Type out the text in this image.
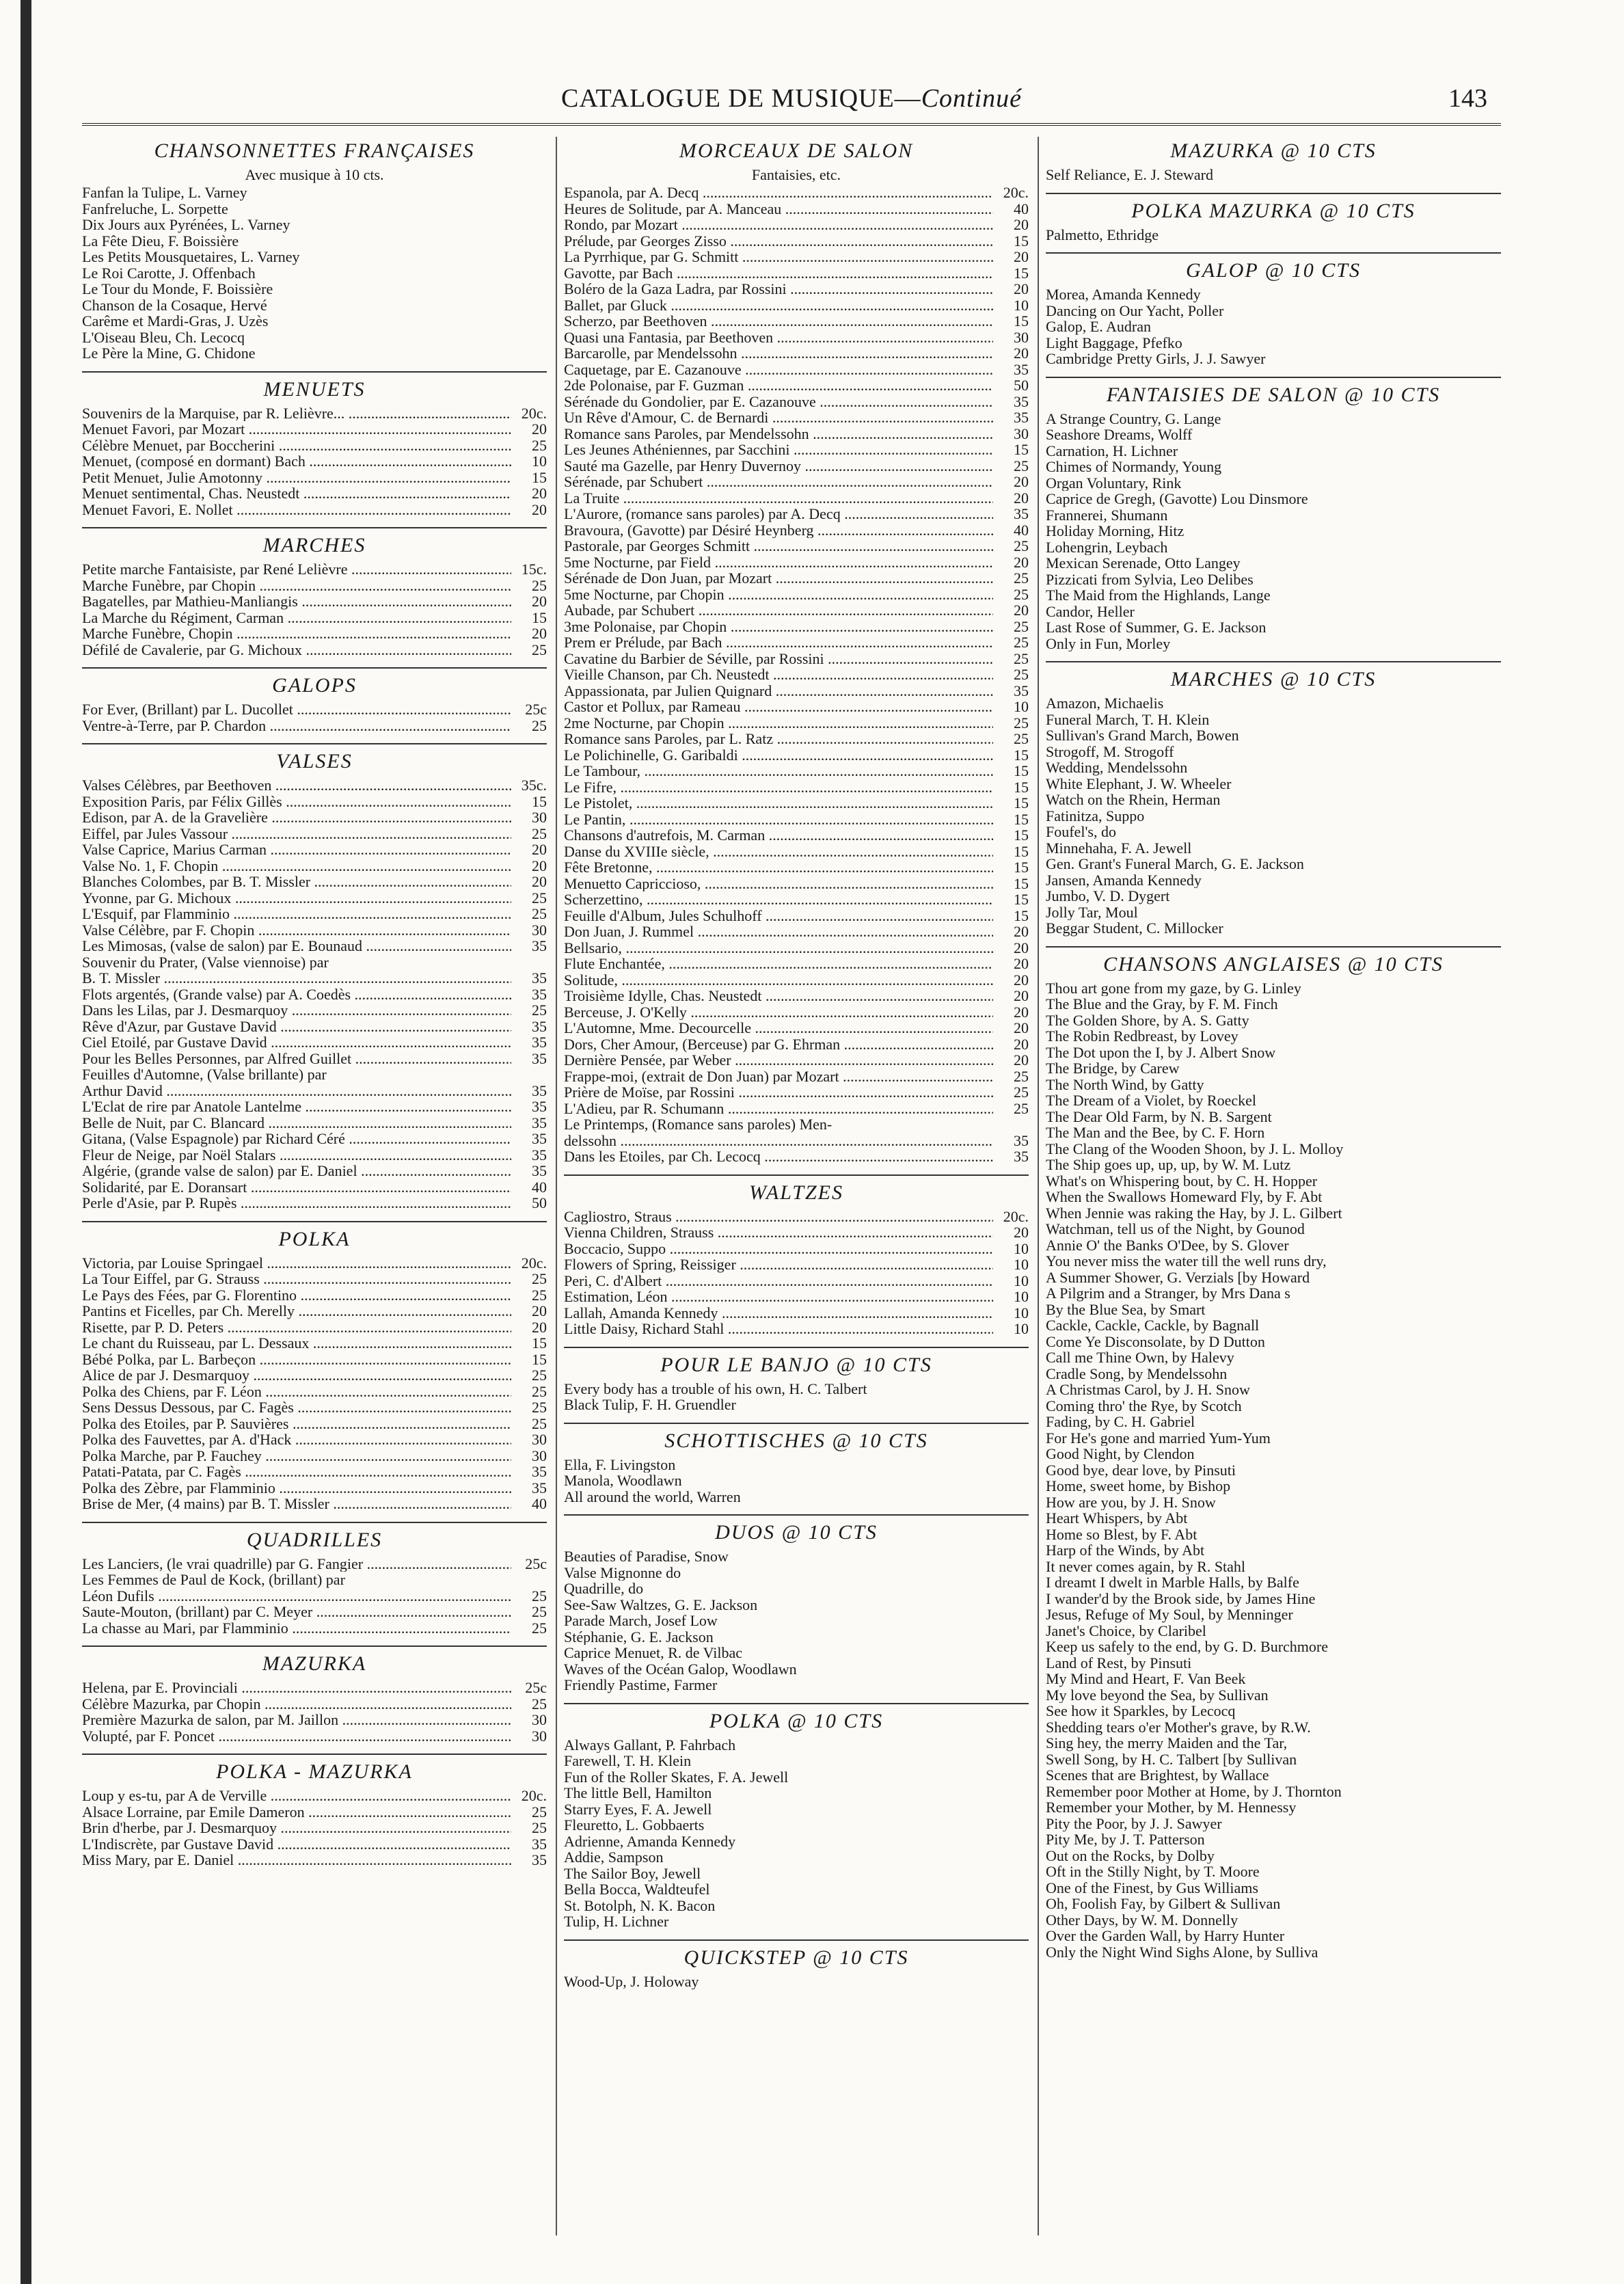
CATALOGUE DE MUSIQUE—Continué	143
CHANSONNETTES FRANÇAISES
Avec musique à 10 cts.
Fanfan la Tulipe, L. Varney
Fanfreluche, L. Sorpette
Dix Jours aux Pyrénées, L. Varney
La Fête Dieu, F. Boissière
Les Petits Mousquetaires, L. Varney
Le Roi Carotte, J. Offenbach
Le Tour du Monde, F. Boissière
Chanson de la Cosaque, Hervé
Carême et Mardi-Gras, J. Uzès
L'Oiseau Bleu, Ch. Lecocq
Le Père la Mine, G. Chidone
MENUETS
Souvenirs de la Marquise, par R. Lelièvre... .....	20c.
Menuet Favori, par Mozart .....	20
Célèbre Menuet, par Boccherini .....	25
Menuet, (composé en dormant) Bach .....	10
Petit Menuet, Julie Amotonny .....	15
Menuet sentimental, Chas. Neustedt .....	20
Menuet Favori, E. Nollet .....	20
MARCHES
Petite marche Fantaisiste, par René Lelièvre .....	15c.
Marche Funèbre, par Chopin .....	25
Bagatelles, par Mathieu-Manliangis .....	20
La Marche du Régiment, Carman .....	15
Marche Funèbre, Chopin .....	20
Défilé de Cavalerie, par G. Michoux .....	25
GALOPS
For Ever, (Brillant) par L. Ducollet .....	25c
Ventre-à-Terre, par P. Chardon .....	25
VALSES
Valses Célèbres, par Beethoven .....	35c.
Exposition Paris, par Félix Gillès .....	15
Edison, par A. de la Gravelière .....	30
Eiffel, par Jules Vassour .....	25
Valse Caprice, Marius Carman .....	20
Valse No. 1, F. Chopin .....	20
Blanches Colombes, par B. T. Missler .....	20
Yvonne, par G. Michoux .....	25
L'Esquif, par Flamminio .....	25
Valse Célèbre, par F. Chopin .....	30
Les Mimosas, (valse de salon) par E. Bounaud .....	35
Souvenir du Prater, (Valse viennoise) par
B. T. Missler .....	35
Flots argentés, (Grande valse) par A. Coedès .....	35
Dans les Lilas, par J. Desmarquoy .....	25
Rêve d'Azur, par Gustave David .....	35
Ciel Etoilé, par Gustave David .....	35
Pour les Belles Personnes, par Alfred Guillet .....	35
Feuilles d'Automne, (Valse brillante) par
Arthur David .....	35
L'Eclat de rire par Anatole Lantelme .....	35
Belle de Nuit, par C. Blancard .....	35
Gitana, (Valse Espagnole) par Richard Céré .....	35
Fleur de Neige, par Noël Stalars .....	35
Algérie, (grande valse de salon) par E. Daniel .....	35
Solidarité, par E. Doransart .....	40
Perle d'Asie, par P. Rupès .....	50
POLKA
Victoria, par Louise Springael .....	20c.
La Tour Eiffel, par G. Strauss .....	25
Le Pays des Fées, par G. Florentino .....	25
Pantins et Ficelles, par Ch. Merelly .....	20
Risette, par P. D. Peters .....	20
Le chant du Ruisseau, par L. Dessaux .....	15
Bébé Polka, par L. Barbeçon .....	15
Alice de par J. Desmarquoy .....	25
Polka des Chiens, par F. Léon .....	25
Sens Dessus Dessous, par C. Fagès .....	25
Polka des Etoiles, par P. Sauvières .....	25
Polka des Fauvettes, par A. d'Hack .....	30
Polka Marche, par P. Fauchey .....	30
Patati-Patata, par C. Fagès .....	35
Polka des Zèbre, par Flamminio .....	35
Brise de Mer, (4 mains) par B. T. Missler .....	40
QUADRILLES
Les Lanciers, (le vrai quadrille) par G. Fangier .....	25c
Les Femmes de Paul de Kock, (brillant) par
Léon Dufils .....	25
Saute-Mouton, (brillant) par C. Meyer .....	25
La chasse au Mari, par Flamminio .....	25
MAZURKA
Helena, par E. Provinciali .....	25c
Célèbre Mazurka, par Chopin .....	25
Première Mazurka de salon, par M. Jaillon .....	30
Volupté, par F. Poncet .....	30
POLKA - MAZURKA
Loup y es-tu, par A de Verville .....	20c.
Alsace Lorraine, par Emile Dameron .....	25
Brin d'herbe, par J. Desmarquoy .....	25
L'Indiscrète, par Gustave David .....	35
Miss Mary, par E. Daniel .....	35
MORCEAUX DE SALON
Fantaisies, etc.
Espanola, par A. Decq .....	20c.
Heures de Solitude, par A. Manceau .....	40
Rondo, par Mozart .....	20
Prélude, par Georges Zisso .....	15
La Pyrrhique, par G. Schmitt .....	20
Gavotte, par Bach .....	15
Boléro de la Gaza Ladra, par Rossini .....	20
Ballet, par Gluck .....	10
Scherzo, par Beethoven .....	15
Quasi una Fantasia, par Beethoven .....	30
Barcarolle, par Mendelssohn .....	20
Caquetage, par E. Cazanouve .....	35
2de Polonaise, par F. Guzman .....	50
Sérénade du Gondolier, par E. Cazanouve .....	35
Un Rêve d'Amour, C. de Bernardi .....	35
Romance sans Paroles, par Mendelssohn .....	30
Les Jeunes Athéniennes, par Sacchini .....	15
Sauté ma Gazelle, par Henry Duvernoy .....	25
Sérénade, par Schubert .....	20
La Truite .....	20
L'Aurore, (romance sans paroles) par A. Decq .....	35
Bravoura, (Gavotte) par Désiré Heynberg .....	40
Pastorale, par Georges Schmitt .....	25
5me Nocturne, par Field .....	20
Sérénade de Don Juan, par Mozart .....	25
5me Nocturne, par Chopin .....	25
Aubade, par Schubert .....	20
3me Polonaise, par Chopin .....	25
Prem er Prélude, par Bach .....	25
Cavatine du Barbier de Séville, par Rossini .....	25
Vieille Chanson, par Ch. Neustedt .....	25
Appassionata, par Julien Quignard .....	35
Castor et Pollux, par Rameau .....	10
2me Nocturne, par Chopin .....	25
Romance sans Paroles, par L. Ratz .....	25
Le Polichinelle, G. Garibaldi .....	15
Le Tambour, .....	15
Le Fifre, .....	15
Le Pistolet, .....	15
Le Pantin, .....	15
Chansons d'autrefois, M. Carman .....	15
Danse du XVIIIe siècle, .....	15
Fête Bretonne, .....	15
Menuetto Capriccioso, .....	15
Scherzettino, .....	15
Feuille d'Album, Jules Schulhoff .....	15
Don Juan, J. Rummel .....	20
Bellsario, .....	20
Flute Enchantée, .....	20
Solitude, .....	20
Troisième Idylle, Chas. Neustedt .....	20
Berceuse, J. O'Kelly .....	20
L'Automne, Mme. Decourcelle .....	20
Dors, Cher Amour, (Berceuse) par G. Ehrman .....	20
Dernière Pensée, par Weber .....	20
Frappe-moi, (extrait de Don Juan) par Mozart .....	25
Prière de Moïse, par Rossini .....	25
L'Adieu, par R. Schumann .....	25
Le Printemps, (Romance sans paroles) Men-
delssohn .....	35
Dans les Etoiles, par Ch. Lecocq .....	35
WALTZES
Cagliostro, Straus .....	20c.
Vienna Children, Strauss .....	20
Boccacio, Suppo .....	10
Flowers of Spring, Reissiger .....	10
Peri, C. d'Albert .....	10
Estimation, Léon .....	10
Lallah, Amanda Kennedy .....	10
Little Daisy, Richard Stahl .....	10
POUR LE BANJO @ 10 CTS
Every body has a trouble of his own, H. C. Talbert
Black Tulip, F. H. Gruendler
SCHOTTISCHES @ 10 CTS
Ella, F. Livingston
Manola, Woodlawn
All around the world, Warren
DUOS @ 10 CTS
Beauties of Paradise, Snow
Valse Mignonne do
Quadrille, do
See-Saw Waltzes, G. E. Jackson
Parade March, Josef Low
Stéphanie, G. E. Jackson
Caprice Menuet, R. de Vilbac
Waves of the Océan Galop, Woodlawn
Friendly Pastime, Farmer
POLKA @ 10 CTS
Always Gallant, P. Fahrbach
Farewell, T. H. Klein
Fun of the Roller Skates, F. A. Jewell
The little Bell, Hamilton
Starry Eyes, F. A. Jewell
Fleuretto, L. Gobbaerts
Adrienne, Amanda Kennedy
Addie, Sampson
The Sailor Boy, Jewell
Bella Bocca, Waldteufel
St. Botolph, N. K. Bacon
Tulip, H. Lichner
QUICKSTEP @ 10 CTS
Wood-Up, J. Holoway
MAZURKA @ 10 CTS
Self Reliance, E. J. Steward
POLKA MAZURKA @ 10 CTS
Palmetto, Ethridge
GALOP @ 10 CTS
Morea, Amanda Kennedy
Dancing on Our Yacht, Poller
Galop, E. Audran
Light Baggage, Pfefko
Cambridge Pretty Girls, J. J. Sawyer
FANTAISIES DE SALON @ 10 CTS
A Strange Country, G. Lange
Seashore Dreams, Wolff
Carnation, H. Lichner
Chimes of Normandy, Young
Organ Voluntary, Rink
Caprice de Gregh, (Gavotte) Lou Dinsmore
Frannerei, Shumann
Holiday Morning, Hitz
Lohengrin, Leybach
Mexican Serenade, Otto Langey
Pizzicati from Sylvia, Leo Delibes
The Maid from the Highlands, Lange
Candor, Heller
Last Rose of Summer, G. E. Jackson
Only in Fun, Morley
MARCHES @ 10 CTS
Amazon, Michaelis
Funeral March, T. H. Klein
Sullivan's Grand March, Bowen
Strogoff, M. Strogoff
Wedding, Mendelssohn
White Elephant, J. W. Wheeler
Watch on the Rhein, Herman
Fatinitza, Suppo
Foufel's, do
Minnehaha, F. A. Jewell
Gen. Grant's Funeral March, G. E. Jackson
Jansen, Amanda Kennedy
Jumbo, V. D. Dygert
Jolly Tar, Moul
Beggar Student, C. Millocker
CHANSONS ANGLAISES @ 10 CTS
Thou art gone from my gaze, by G. Linley
The Blue and the Gray, by F. M. Finch
The Golden Shore, by A. S. Gatty
The Robin Redbreast, by Lovey
The Dot upon the I, by J. Albert Snow
The Bridge, by Carew
The North Wind, by Gatty
The Dream of a Violet, by Roeckel
The Dear Old Farm, by N. B. Sargent
The Man and the Bee, by C. F. Horn
The Clang of the Wooden Shoon, by J. L. Molloy
The Ship goes up, up, up, by W. M. Lutz
What's on Whispering bout, by C. H. Hopper
When the Swallows Homeward Fly, by F. Abt
When Jennie was raking the Hay, by J. L. Gilbert
Watchman, tell us of the Night, by Gounod
Annie O' the Banks O'Dee, by S. Glover
You never miss the water till the well runs dry,
A Summer Shower, G. Verzials [by Howard
A Pilgrim and a Stranger, by Mrs Dana s
By the Blue Sea, by Smart
Cackle, Cackle, Cackle, by Bagnall
Come Ye Disconsolate, by D Dutton
Call me Thine Own, by Halevy
Cradle Song, by Mendelssohn
A Christmas Carol, by J. H. Snow
Coming thro' the Rye, by Scotch
Fading, by C. H. Gabriel
For He's gone and married Yum-Yum
Good Night, by Clendon
Good bye, dear love, by Pinsuti
Home, sweet home, by Bishop
How are you, by J. H. Snow
Heart Whispers, by Abt
Home so Blest, by F. Abt
Harp of the Winds, by Abt
It never comes again, by R. Stahl
I dreamt I dwelt in Marble Halls, by Balfe
I wander'd by the Brook side, by James Hine
Jesus, Refuge of My Soul, by Menninger
Janet's Choice, by Claribel
Keep us safely to the end, by G. D. Burchmore
Land of Rest, by Pinsuti
My Mind and Heart, F. Van Beek
My love beyond the Sea, by Sullivan
See how it Sparkles, by Lecocq
Shedding tears o'er Mother's grave, by R.W.
Sing hey, the merry Maiden and the Tar,
Swell Song, by H. C. Talbert [by Sullivan
Scenes that are Brightest, by Wallace
Remember poor Mother at Home, by J. Thornton
Remember your Mother, by M. Hennessy
Pity the Poor, by J. J. Sawyer
Pity Me, by J. T. Patterson
Out on the Rocks, by Dolby
Oft in the Stilly Night, by T. Moore
One of the Finest, by Gus Williams
Oh, Foolish Fay, by Gilbert & Sullivan
Other Days, by W. M. Donnelly
Over the Garden Wall, by Harry Hunter
Only the Night Wind Sighs Alone, by Sulliva
